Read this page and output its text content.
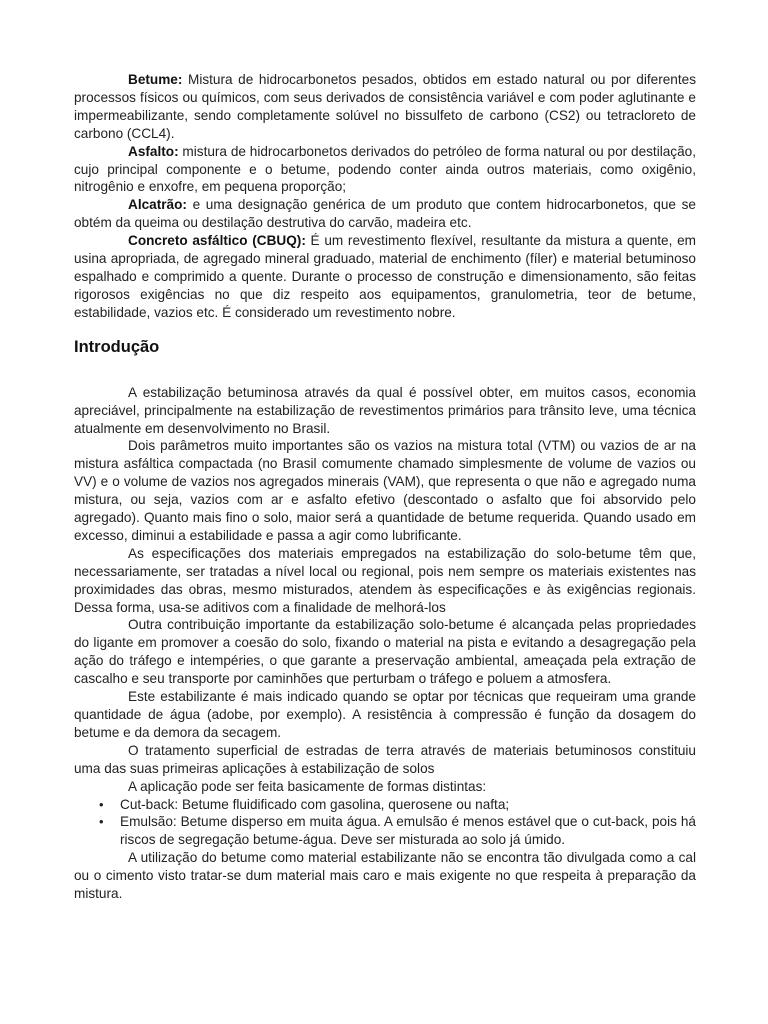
Betume: Mistura de hidrocarbonetos pesados, obtidos em estado natural ou por diferentes processos físicos ou químicos, com seus derivados de consistência variável e com poder aglutinante e impermeabilizante, sendo completamente solúvel no bissulfeto de carbono (CS2) ou tetracloreto de carbono (CCL4).

Asfalto: mistura de hidrocarbonetos derivados do petróleo de forma natural ou por destilação, cujo principal componente e o betume, podendo conter ainda outros materiais, como oxigênio, nitrogênio e enxofre, em pequena proporção;

Alcatrão: e uma designação genérica de um produto que contem hidrocarbonetos, que se obtém da queima ou destilação destrutiva do carvão, madeira etc.

Concreto asfáltico (CBUQ): É um revestimento flexível, resultante da mistura a quente, em usina apropriada, de agregado mineral graduado, material de enchimento (fíler) e material betuminoso espalhado e comprimido a quente. Durante o processo de construção e dimensionamento, são feitas rigorosos exigências no que diz respeito aos equipamentos, granulometria, teor de betume, estabilidade, vazios etc. É considerado um revestimento nobre.

Introdução

A estabilização betuminosa através da qual é possível obter, em muitos casos, economia apreciável, principalmente na estabilização de revestimentos primários para trânsito leve, uma técnica atualmente em desenvolvimento no Brasil.

Dois parâmetros muito importantes são os vazios na mistura total (VTM) ou vazios de ar na mistura asfáltica compactada (no Brasil comumente chamado simplesmente de volume de vazios ou VV) e o volume de vazios nos agregados minerais (VAM), que representa o que não e agregado numa mistura, ou seja, vazios com ar e asfalto efetivo (descontado o asfalto que foi absorvido pelo agregado). Quanto mais fino o solo, maior será a quantidade de betume requerida. Quando usado em excesso, diminui a estabilidade e passa a agir como lubrificante.

As especificações dos materiais empregados na estabilização do solo-betume têm que, necessariamente, ser tratadas a nível local ou regional, pois nem sempre os materiais existentes nas proximidades das obras, mesmo misturados, atendem às especificações e às exigências regionais. Dessa forma, usa-se aditivos com a finalidade de melhorá-los

Outra contribuição importante da estabilização solo-betume é alcançada pelas propriedades do ligante em promover a coesão do solo, fixando o material na pista e evitando a desagregação pela ação do tráfego e intempéries, o que garante a preservação ambiental, ameaçada pela extração de cascalho e seu transporte por caminhões que perturbam o tráfego e poluem a atmosfera.

Este estabilizante é mais indicado quando se optar por técnicas que requeiram uma grande quantidade de água (adobe, por exemplo). A resistência à compressão é função da dosagem do betume e da demora da secagem.

O tratamento superficial de estradas de terra através de materiais betuminosos constituiu uma das suas primeiras aplicações à estabilização de solos

A aplicação pode ser feita basicamente de formas distintas:

• Cut-back: Betume fluidificado com gasolina, querosene ou nafta;
• Emulsão: Betume disperso em muita água. A emulsão é menos estável que o cut-back, pois há riscos de segregação betume-água. Deve ser misturada ao solo já úmido.

A utilização do betume como material estabilizante não se encontra tão divulgada como a cal ou o cimento visto tratar-se dum material mais caro e mais exigente no que respeita à preparação da mistura.
